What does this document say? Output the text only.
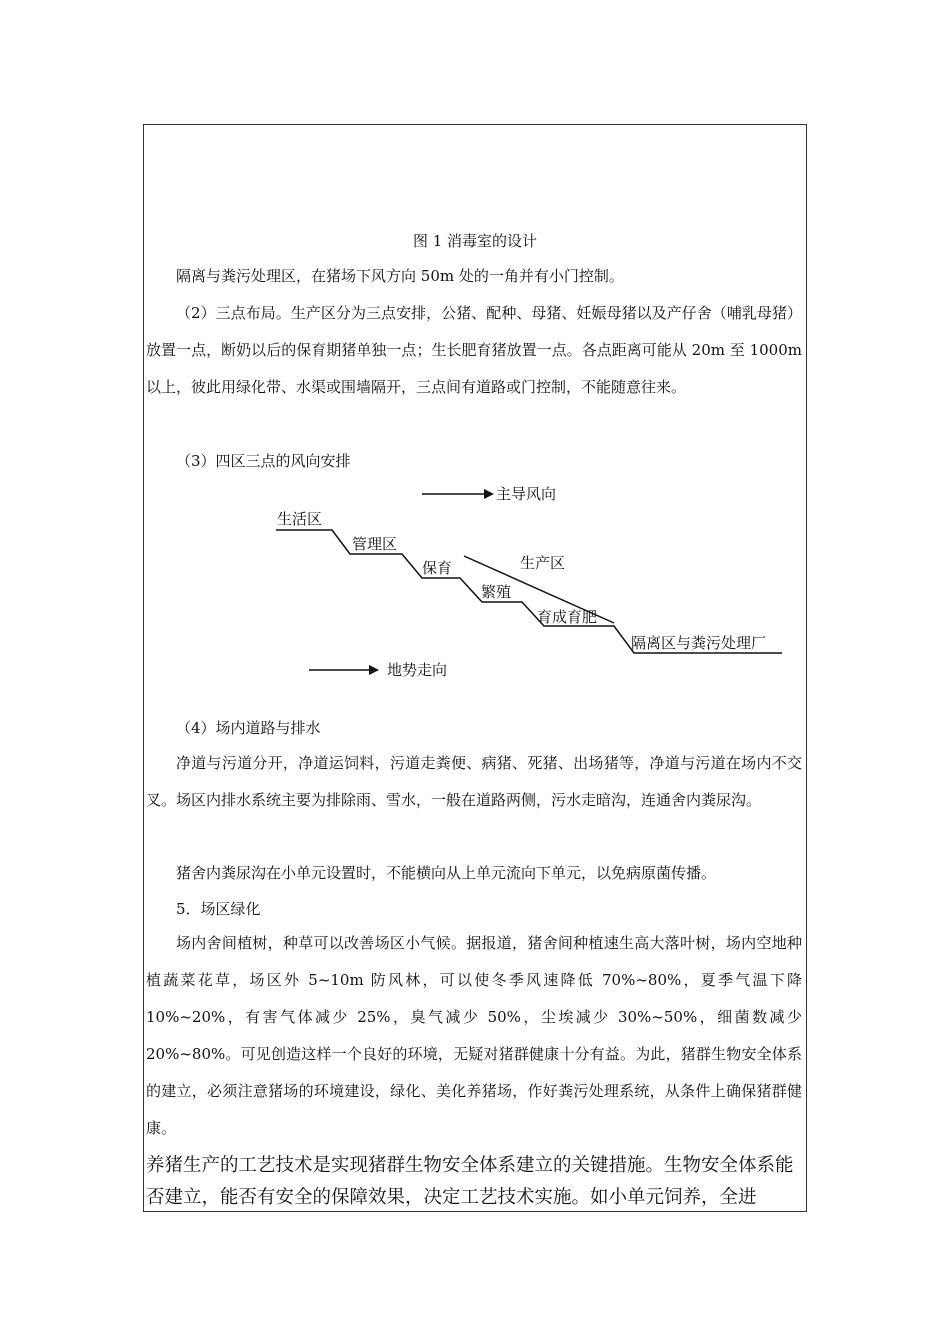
图 1 消毒室的设计

隔离与粪污处理区，在猪场下风方向 50m 处的一角并有小门控制。

（2）三点布局。生产区分为三点安排，公猪、配种、母猪、妊娠母猪以及产仔舍（哺乳母猪）放置一点，断奶以后的保育期猪单独一点；生长肥育猪放置一点。各点距离可能从 20m 至 1000m 以上，彼此用绿化带、水渠或围墙隔开，三点间有道路或门控制，不能随意往来。

（3）四区三点的风向安排

主导风向
生活区
管理区
保育
繁殖
育成育肥
隔离区与粪污处理厂
生产区
地势走向

（4）场内道路与排水

净道与污道分开，净道运饲料，污道走粪便、病猪、死猪、出场猪等，净道与污道在场内不交叉。场区内排水系统主要为排除雨、雪水，一般在道路两侧，污水走暗沟，连通舍内粪尿沟。

猪舍内粪尿沟在小单元设置时，不能横向从上单元流向下单元，以免病原菌传播。

5．场区绿化

场内舍间植树，种草可以改善场区小气候。据报道，猪舍间种植速生高大落叶树，场内空地种植蔬菜花草，场区外 5~10m 防风林，可以使冬季风速降低 70%~80%，夏季气温下降 10%~20%，有害气体减少 25%，臭气减少 50%，尘埃减少 30%~50%，细菌数减少 20%~80%。可见创造这样一个良好的环境，无疑对猪群健康十分有益。为此，猪群生物安全体系的建立，必须注意猪场的环境建设，绿化、美化养猪场，作好粪污处理系统，从条件上确保猪群健康。

养猪生产的工艺技术是实现猪群生物安全体系建立的关键措施。生物安全体系能否建立，能否有安全的保障效果，决定工艺技术实施。如小单元饲养，全进
